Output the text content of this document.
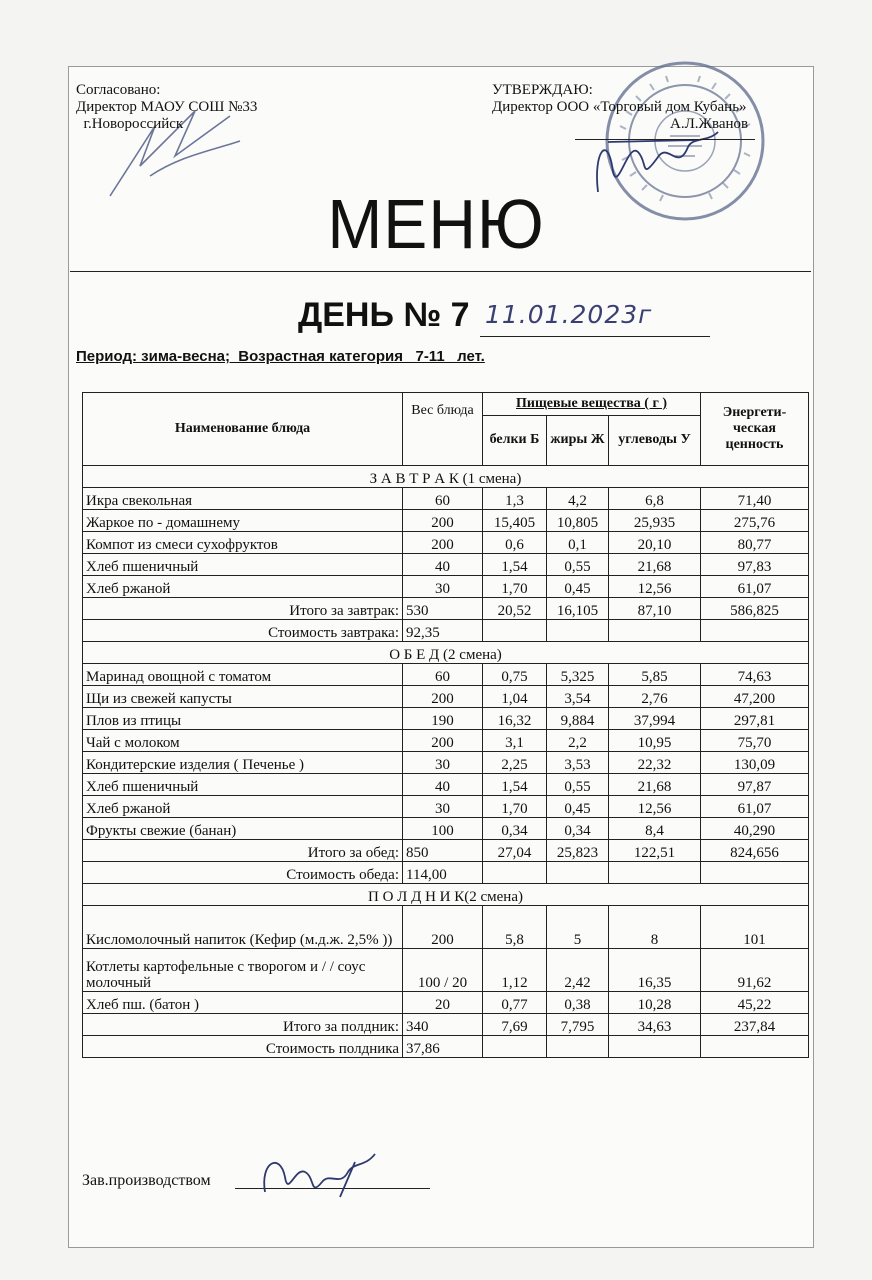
Согласовано:
Директор МАОУ СОШ №33
г.Новороссийск
УТВЕРЖДАЮ:
Директор ООО «Торговый дом Кубань»
А.Л.Жванов
МЕНЮ
ДЕНЬ № 7 11.01.2023г
Период: зима-весна;  Возрастная категория   7-11   лет.
Наименование блюда	Вес блюда	Пищевые вещества ( г )			Энергети-ческая ценность
		белки Б	жиры Ж	углеводы У	
З А В Т Р А К (1 смена)					
Икра свекольная	60	1,3	4,2	6,8	71,40
Жаркое по - домашнему	200	15,405	10,805	25,935	275,76
Компот из смеси сухофруктов	200	0,6	0,1	20,10	80,77
Хлеб пшеничный	40	1,54	0,55	21,68	97,83
Хлеб ржаной	30	1,70	0,45	12,56	61,07
Итого за завтрак:	530	20,52	16,105	87,10	586,825
Стоимость завтрака:	92,35				
О Б Е Д (2 смена)					
Маринад овощной с томатом	60	0,75	5,325	5,85	74,63
Щи из свежей капусты	200	1,04	3,54	2,76	47,200
Плов из птицы	190	16,32	9,884	37,994	297,81
Чай с молоком	200	3,1	2,2	10,95	75,70
Кондитерские изделия ( Печенье )	30	2,25	3,53	22,32	130,09
Хлеб пшеничный	40	1,54	0,55	21,68	97,87
Хлеб ржаной	30	1,70	0,45	12,56	61,07
Фрукты свежие (банан)	100	0,34	0,34	8,4	40,290
Итого за обед:	850	27,04	25,823	122,51	824,656
Стоимость обеда:	114,00				
П О Л Д Н И К(2 смена)					
Кисломолочный напиток (Кефир (м.д.ж. 2,5% ))	200	5,8	5	8	101
Котлеты картофельные с творогом и / / соус молочный	100 / 20	1,12	2,42	16,35	91,62
Хлеб пш. (батон )	20	0,77	0,38	10,28	45,22
Итого за полдник:	340	7,69	7,795	34,63	237,84
Стоимость полдника	37,86				
Зав.производством
